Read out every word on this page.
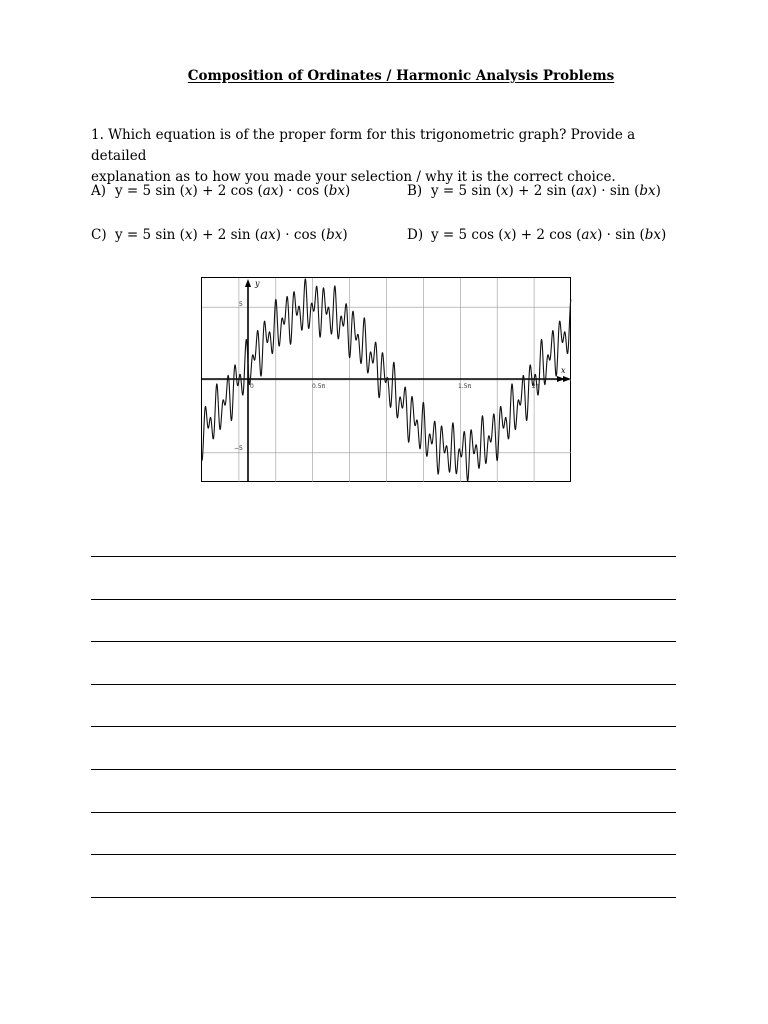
Composition of Ordinates / Harmonic Analysis Problems

1. Which equation is of the proper form for this trigonometric graph? Provide a detailed

explanation as to how you made your selection / why it is the correct choice.

A) y = 5 sin (x) + 2 cos (ax) · cos (bx)	B) y = 5 sin (x) + 2 sin (ax) · sin (bx)
C) y = 5 sin (x) + 2 sin (ax) · cos (bx)	D) y = 5 cos (x) + 2 cos (ax) · sin (bx)
y
x
5
−5
0	0.5π	1.5π	2π
